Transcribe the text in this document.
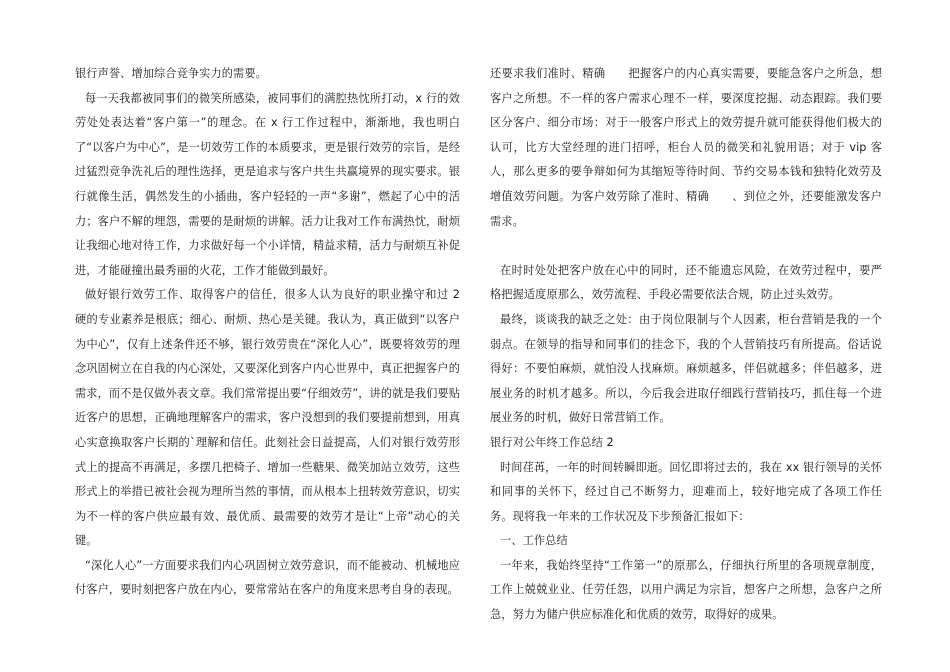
银行声誉、增加综合竞争实力的需要。

每一天我都被同事们的微笑所感染，被同事们的满腔热忱所打动，x 行的效劳处处表达着“客户第一”的理念。在 x 行工作过程中，渐渐地，我也明白了“以客户为中心”，是一切效劳工作的本质要求，更是银行效劳的宗旨，是经过猛烈竞争洗礼后的理性选择，更是追求与客户共生共赢境界的现实要求。银行就像生活，偶然发生的小插曲，客户轻轻的一声“多谢”，燃起了心中的活力；客户不解的埋怨，需要的是耐烦的讲解。活力让我对工作布满热忱，耐烦让我细心地对待工作，力求做好每一个小详情，精益求精，活力与耐烦互补促进，才能碰撞出最秀丽的火花，工作才能做到最好。

做好银行效劳工作、取得客户的信任，很多人认为良好的职业操守和过 2 硬的专业素养是根底；细心、耐烦、热心是关键。我认为，真正做到“以客户为中心”，仅有上述条件还不够，银行效劳贵在“深化人心”，既要将效劳的理念巩固树立在自我的内心深处，又要深化到客户内心世界中，真正把握客户的需求，而不是仅做外表文章。我们常常提出要“仔细效劳”，讲的就是我们要贴近客户的思想，正确地理解客户的需求，客户没想到的我们要提前想到，用真心实意换取客户长期的`理解和信任。此刻社会日益提高，人们对银行效劳形式上的提高不再满足，多摆几把椅子、增加一些糖果、微笑加站立效劳，这些形式上的举措已被社会视为理所当然的事情，而从根本上扭转效劳意识，切实为不一样的客户供应最有效、最优质、最需要的效劳才是让“上帝”动心的关键。

“深化人心”一方面要求我们内心巩固树立效劳意识，而不能被动、机械地应付客户，要时刻把客户放在内心，要常常站在客户的角度来思考自身的表现。

还要求我们准时、精确　　把握客户的内心真实需要，要能急客户之所急，想客户之所想。不一样的客户需求心理不一样，要深度挖掘、动态跟踪。我们要区分客户、细分市场：对于一般客户形式上的效劳提升就可能获得他们极大的认可，比方大堂经理的进门招呼，柜台人员的微笑和礼貌用语；对于 vip 客人，那么更多的要争辩如何为其缩短等待时间、节约交易本钱和独特化效劳及增值效劳问题。为客户效劳除了准时、精确　　、到位之外，还要能激发客户需求。

在时时处处把客户放在心中的同时，还不能遗忘风险，在效劳过程中，要严格把握适度原那么，效劳流程、手段必需要依法合规，防止过头效劳。

最终，谈谈我的缺乏之处：由于岗位限制与个人因素，柜台营销是我的一个弱点。在领导的指导和同事们的挂念下，我的个人营销技巧有所提高。俗话说得好：不要怕麻烦，就怕没人找麻烦。麻烦越多，伴侣就越多；伴侣越多，进展业务的时机才越多。所以，今后我会进取仔细践行营销技巧，抓住每一个进展业务的时机，做好日常营销工作。

银行对公年终工作总结 2

时间荏苒，一年的时间转瞬即逝。回忆即将过去的，我在 xx 银行领导的关怀和同事的关怀下，经过自己不断努力，迎难而上，较好地完成了各项工作任务。现将我一年来的工作状况及下步预备汇报如下：

一、工作总结

一年来，我始终坚持“工作第一”的原那么，仔细执行所里的各项规章制度，工作上兢兢业业、任劳任怨，以用户满足为宗旨，想客户之所想，急客户之所急，努力为储户供应标准化和优质的效劳，取得好的成果。
